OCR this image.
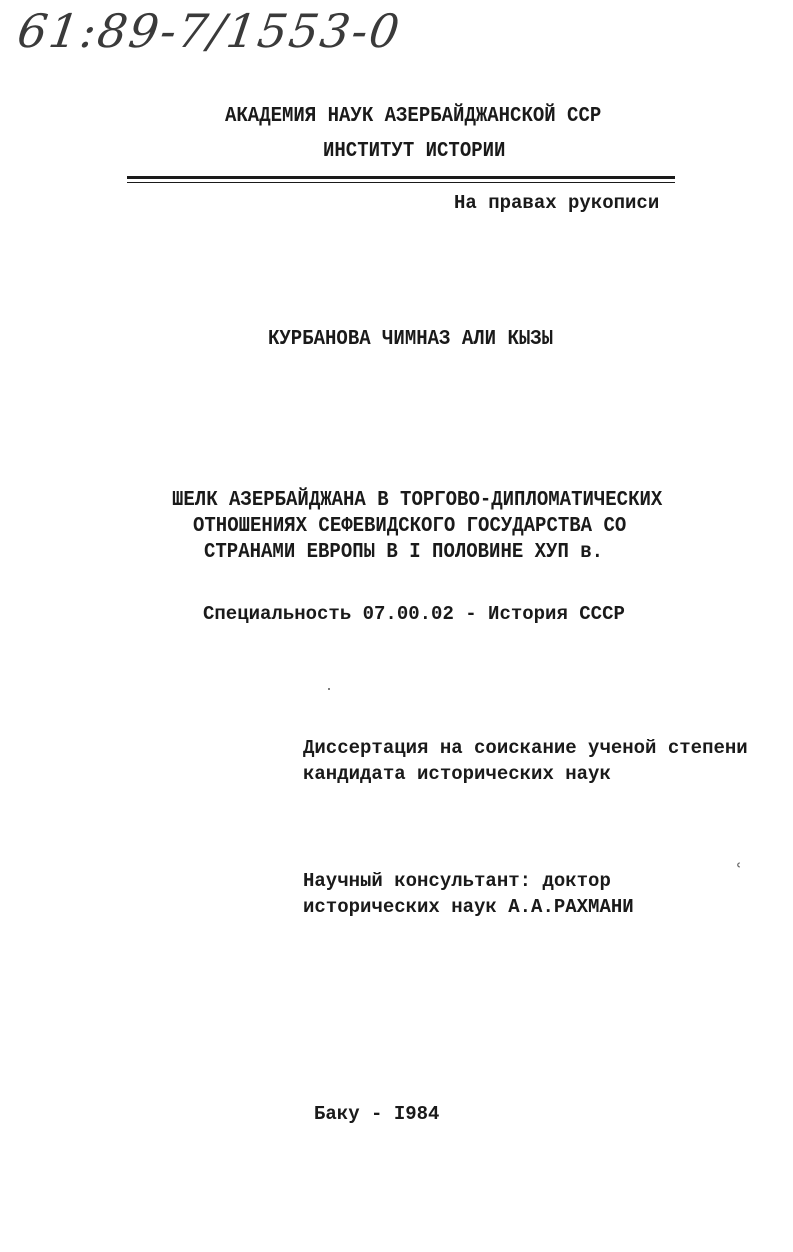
61:89-7/1553-0
АКАДЕМИЯ НАУК АЗЕРБАЙДЖАНСКОЙ ССР
ИНСТИТУТ ИСТОРИИ
На правах рукописи
КУРБАНОВА ЧИМНАЗ АЛИ КЫЗЫ
ШЕЛК АЗЕРБАЙДЖАНА В ТОРГОВО-ДИПЛОМАТИЧЕСКИХ
ОТНОШЕНИЯХ СЕФЕВИДСКОГО ГОСУДАРСТВА СО
СТРАНАМИ ЕВРОПЫ В I ПОЛОВИНЕ ХУП в.
Специальность 07.00.02 - История СССР
Диссертация на соискание ученой степени
кандидата исторических наук
ʿ
Научный консультант: доктор
исторических наук А.А.РАХМАНИ
Баку - I984
